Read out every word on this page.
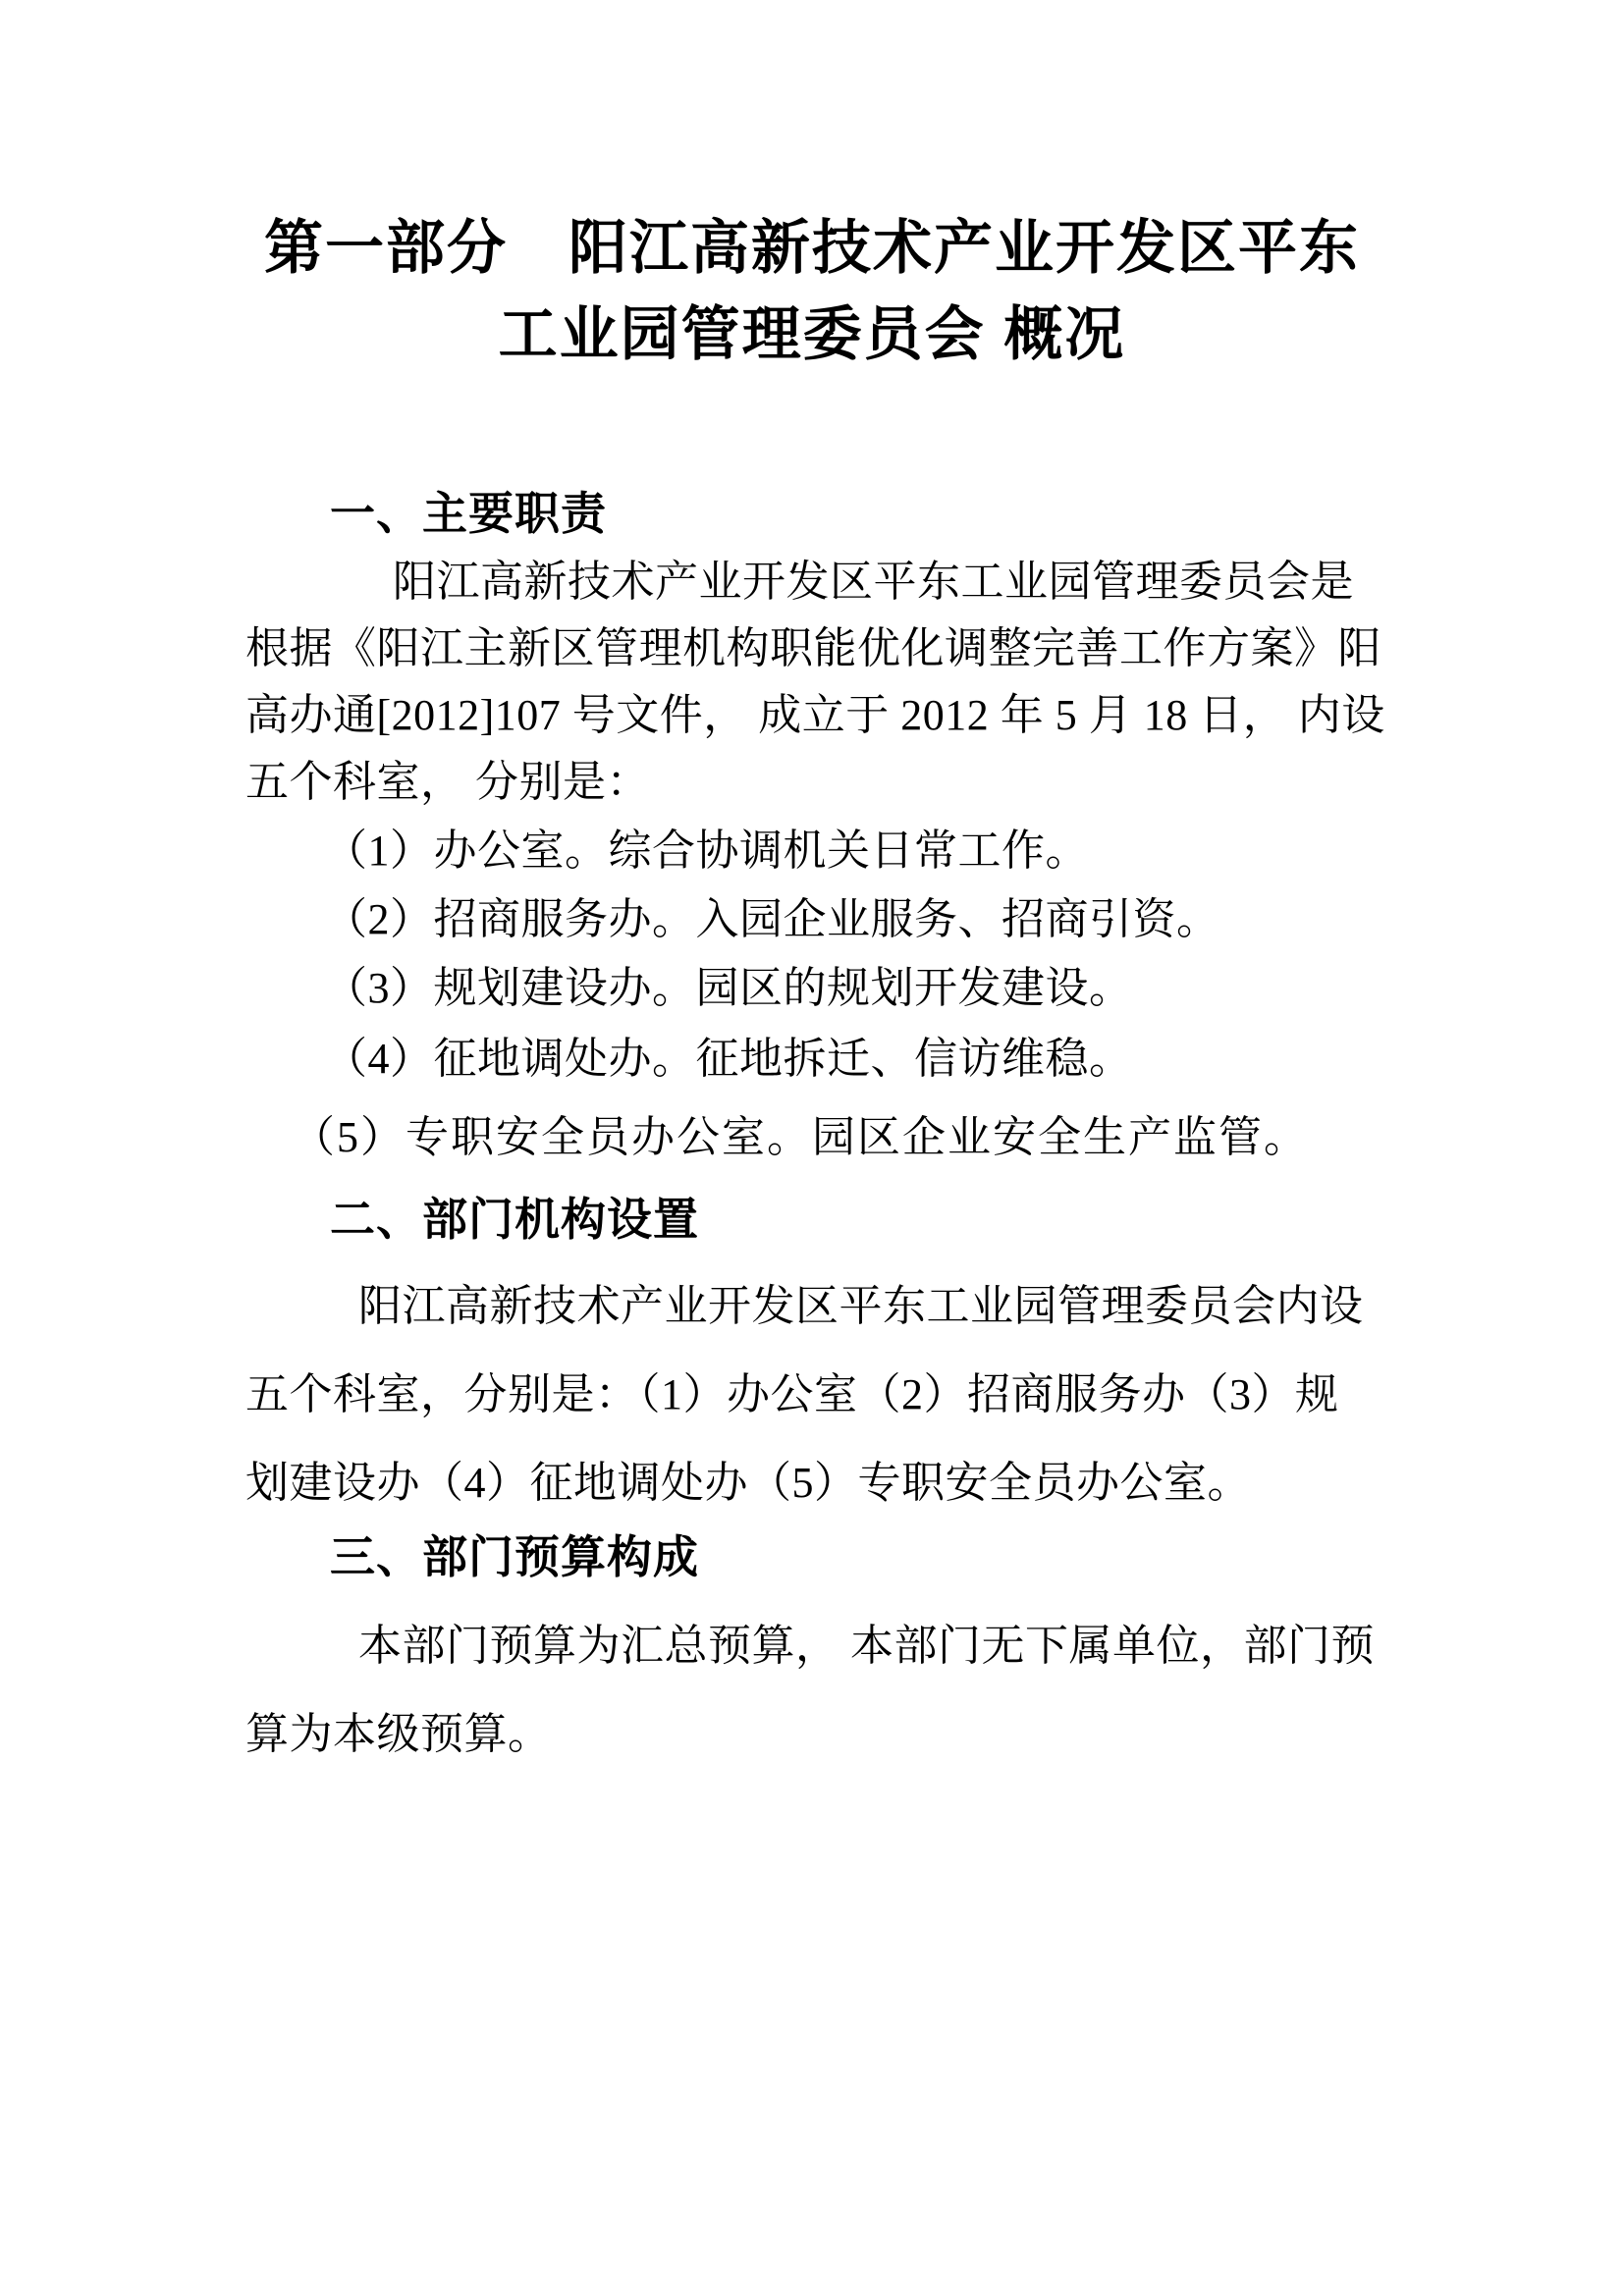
第一部分　阳江高新技术产业开发区平东
工业园管理委员会 概况
一、主要职责
阳江高新技术产业开发区平东工业园管理委员会是
根据《阳江主新区管理机构职能优化调整完善工作方案》阳
高办通[2012]107 号文件， 成立于 2012 年 5 月 18 日， 内设
五个科室， 分别是：
（1）办公室。综合协调机关日常工作。
（2）招商服务办。入园企业服务、招商引资。
（3）规划建设办。园区的规划开发建设。
（4）征地调处办。征地拆迁、信访维稳。
（5）专职安全员办公室。园区企业安全生产监管。
二、部门机构设置
阳江高新技术产业开发区平东工业园管理委员会内设
五个科室，分别是：（1）办公室（2）招商服务办（3）规
划建设办（4）征地调处办（5）专职安全员办公室。
三、部门预算构成
本部门预算为汇总预算， 本部门无下属单位，部门预
算为本级预算。
